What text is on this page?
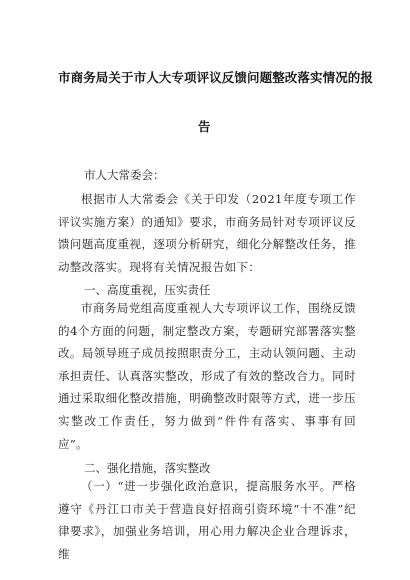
市商务局关于市人大专项评议反馈问题整改落实情况的报
告
市人大常委会：
根据市人大常委会《关于印发（2021年度专项工作评议实施方案）的通知》要求，市商务局针对专项评议反馈问题高度重视，逐项分析研究，细化分解整改任务，推动整改落实。现将有关情况报告如下：
一、高度重视，压实责任
市商务局党组高度重视人大专项评议工作，围绕反馈的4个方面的问题，制定整改方案，专题研究部署落实整改。局领导班子成员按照职责分工，主动认领问题、主动承担责任、认真落实整改，形成了有效的整改合力。同时通过采取细化整改措施，明确整改时限等方式，进一步压实整改工作责任，努力做到“件件有落实、事事有回应”。
二、强化措施，落实整改
（一）“进一步强化政治意识，提高服务水平。严格遵守《丹江口市关于营造良好招商引资环境“十不准”纪律要求》，加强业务培训，用心用力解决企业合理诉求，维
